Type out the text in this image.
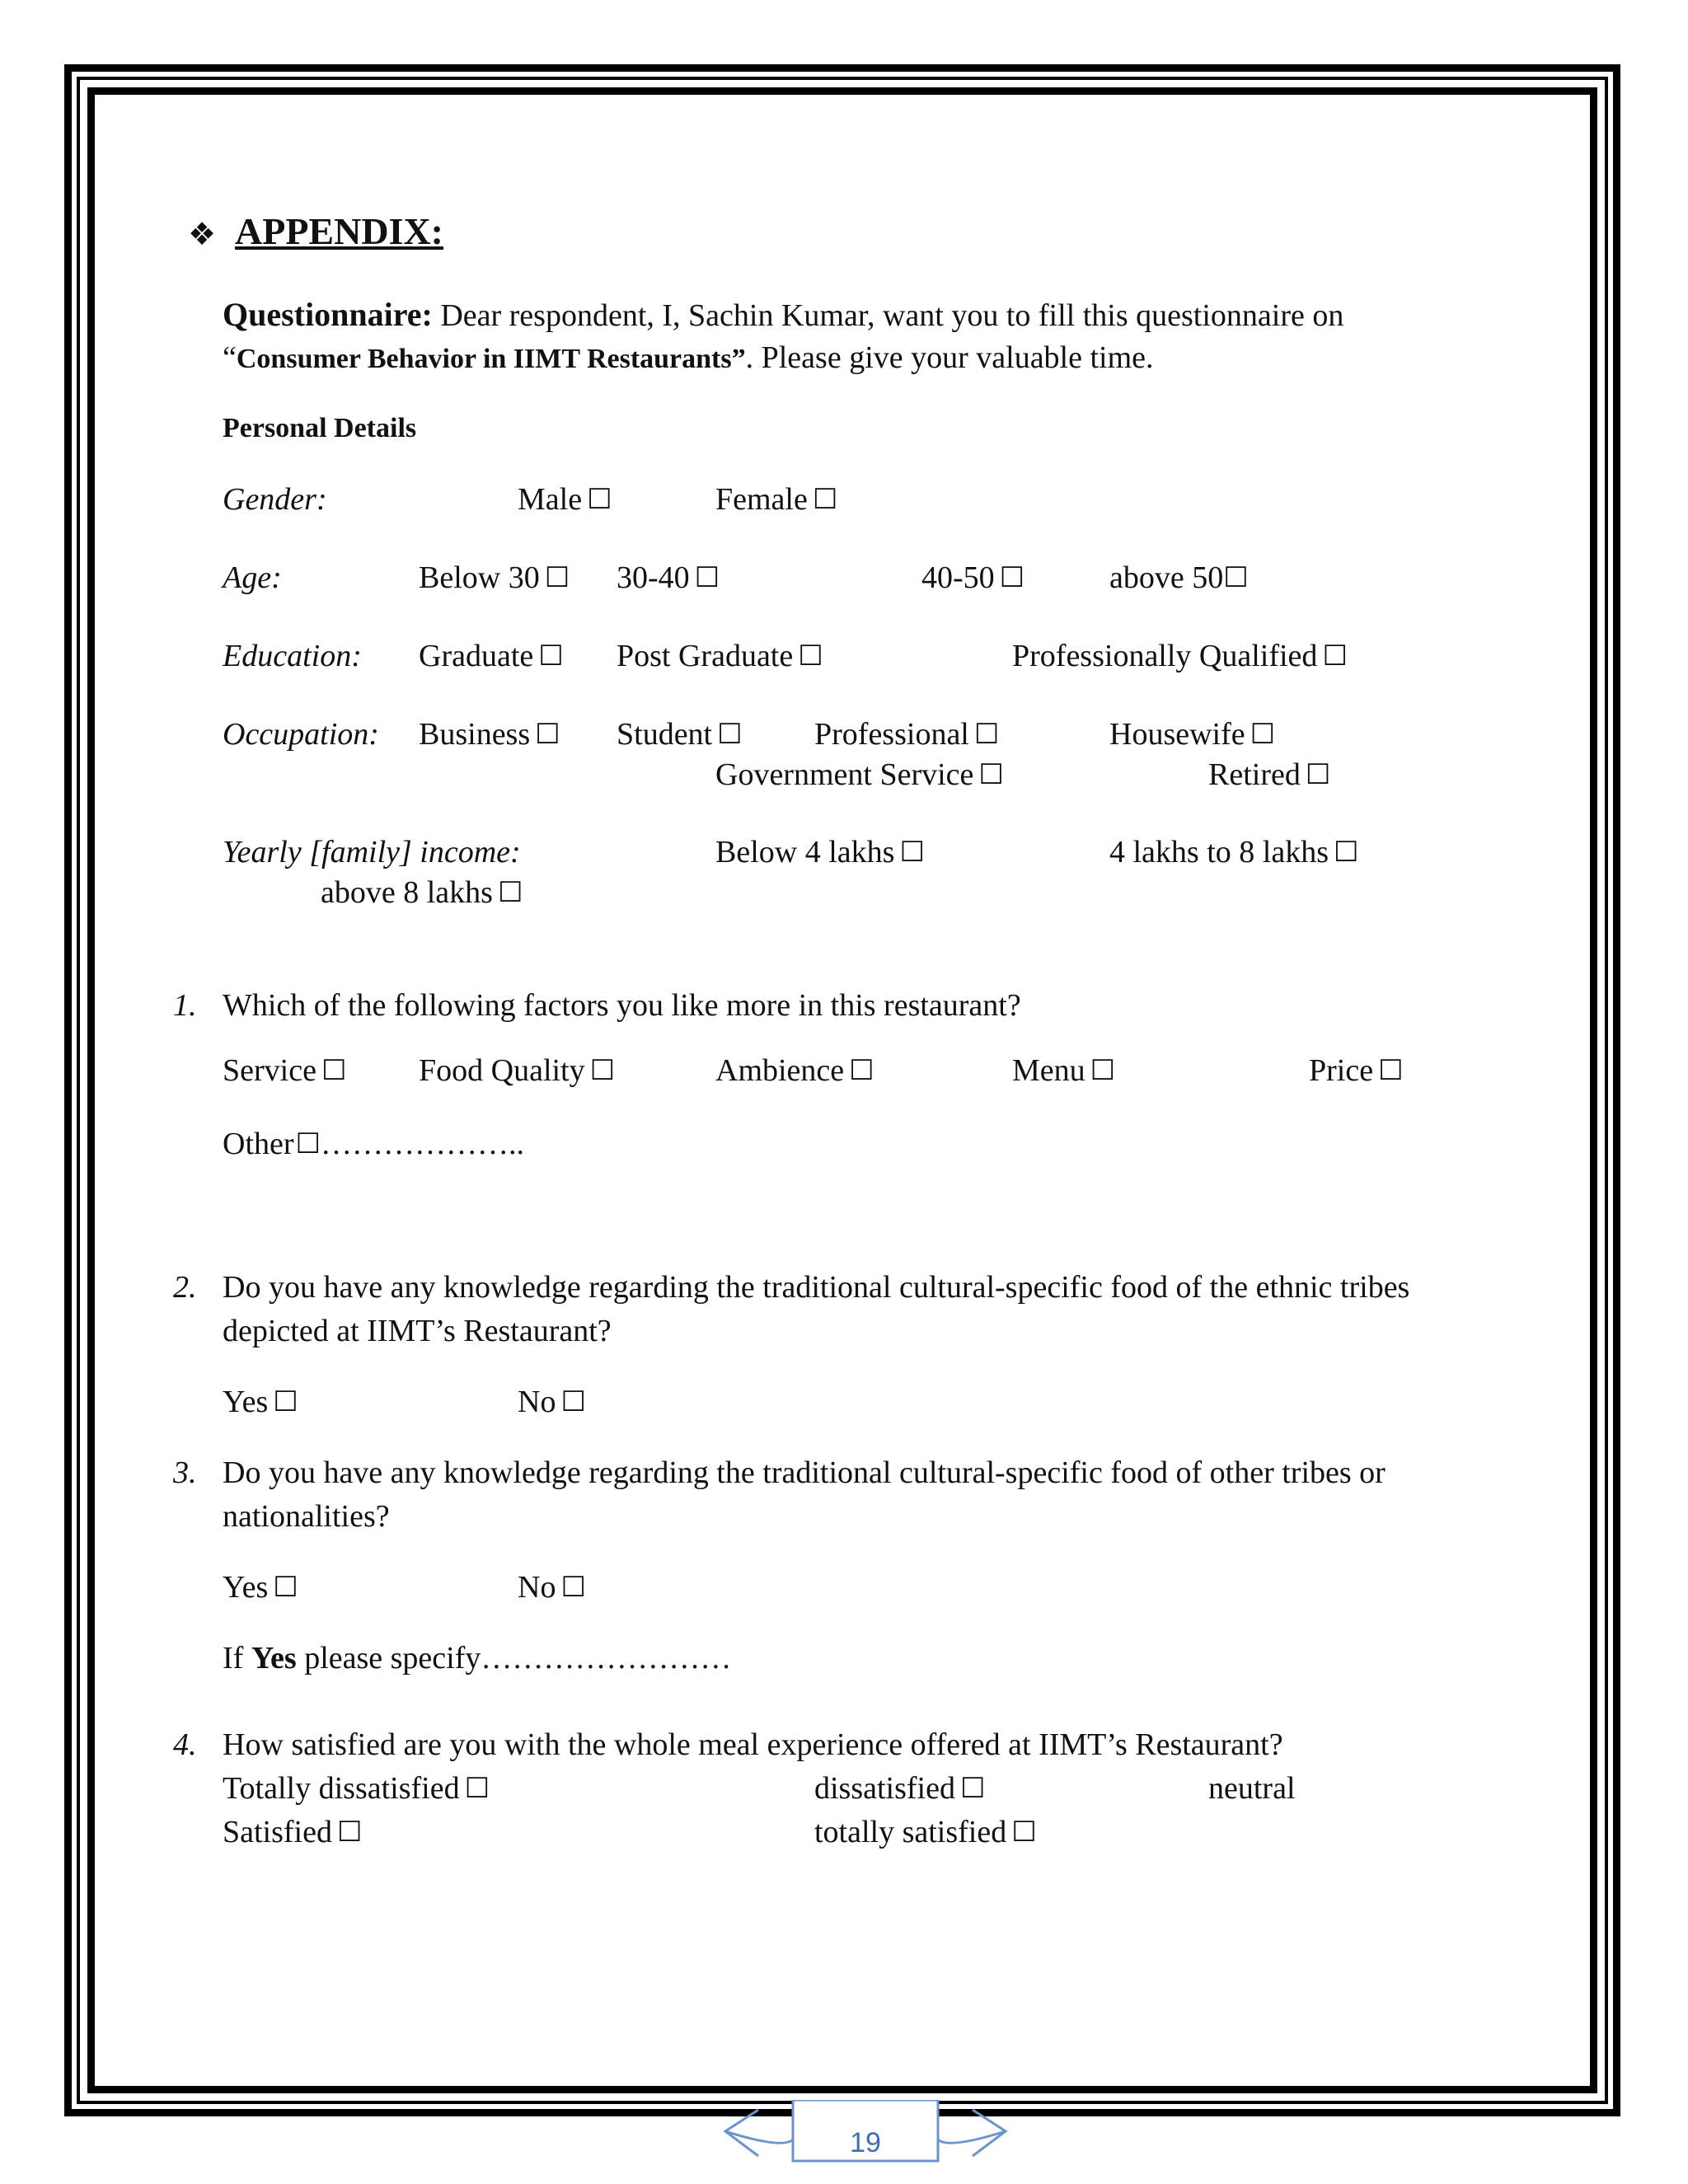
❖ APPENDIX:
Questionnaire: Dear respondent, I, Sachin Kumar, want you to fill this questionnaire on
“Consumer Behavior in IIMT Restaurants”. Please give your valuable time.
Personal Details
Gender:	Male ☐	Female ☐
Age:	Below 30 ☐ 30-40 ☐	40-50 ☐	above 50☐
Education: Graduate ☐ Post Graduate ☐	Professionally Qualified ☐
Occupation: Business ☐ Student ☐ Professional ☐	Housewife ☐
Government Service ☐	Retired ☐
Yearly [family] income:	Below 4 lakhs ☐	4 lakhs to 8 lakhs ☐
above 8 lakhs ☐
1. Which of the following factors you like more in this restaurant?
Service ☐ Food Quality ☐	Ambience ☐	Menu ☐	Price ☐
Other☐………………..
2. Do you have any knowledge regarding the traditional cultural-specific food of the ethnic tribes
depicted at IIMT’s Restaurant?
Yes ☐	No ☐
3. Do you have any knowledge regarding the traditional cultural-specific food of other tribes or
nationalities?
Yes ☐	No ☐
If Yes please specify……………………
4. How satisfied are you with the whole meal experience offered at IIMT’s Restaurant?
Totally dissatisfied ☐	dissatisfied ☐	neutral
Satisfied ☐	totally satisfied ☐
19
